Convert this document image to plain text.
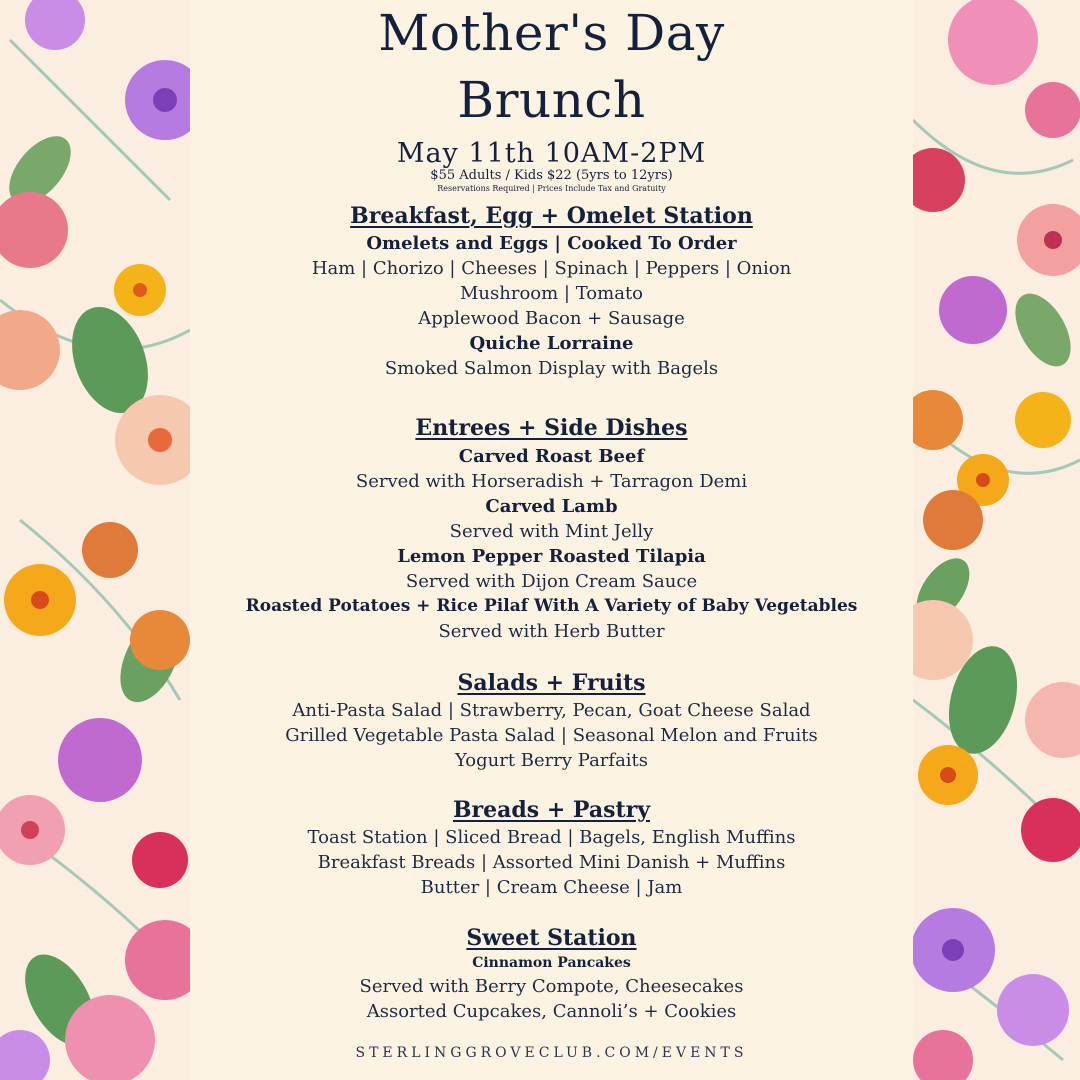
Mother's Day
Brunch
May 11th 10AM-2PM
$55 Adults / Kids $22 (5yrs to 12yrs)
Reservations Required | Prices Include Tax and Gratuity
Breakfast, Egg + Omelet Station
Omelets and Eggs | Cooked To Order
Ham | Chorizo | Cheeses | Spinach | Peppers | Onion
Mushroom | Tomato
Applewood Bacon + Sausage
Quiche Lorraine
Smoked Salmon Display with Bagels
Entrees + Side Dishes
Carved Roast Beef
Served with Horseradish + Tarragon Demi
Carved Lamb
Served with Mint Jelly
Lemon Pepper Roasted Tilapia
Served with Dijon Cream Sauce
Roasted Potatoes + Rice Pilaf With A Variety of Baby Vegetables
Served with Herb Butter
Salads + Fruits
Anti-Pasta Salad | Strawberry, Pecan, Goat Cheese Salad
Grilled Vegetable Pasta Salad | Seasonal Melon and Fruits
Yogurt Berry Parfaits
Breads + Pastry
Toast Station | Sliced Bread | Bagels, English Muffins
Breakfast Breads | Assorted Mini Danish + Muffins
Butter | Cream Cheese | Jam
Sweet Station
Cinnamon Pancakes
Served with Berry Compote, Cheesecakes
Assorted Cupcakes, Cannoli’s + Cookies
STERLINGGROVECLUB.COM/EVENTS
